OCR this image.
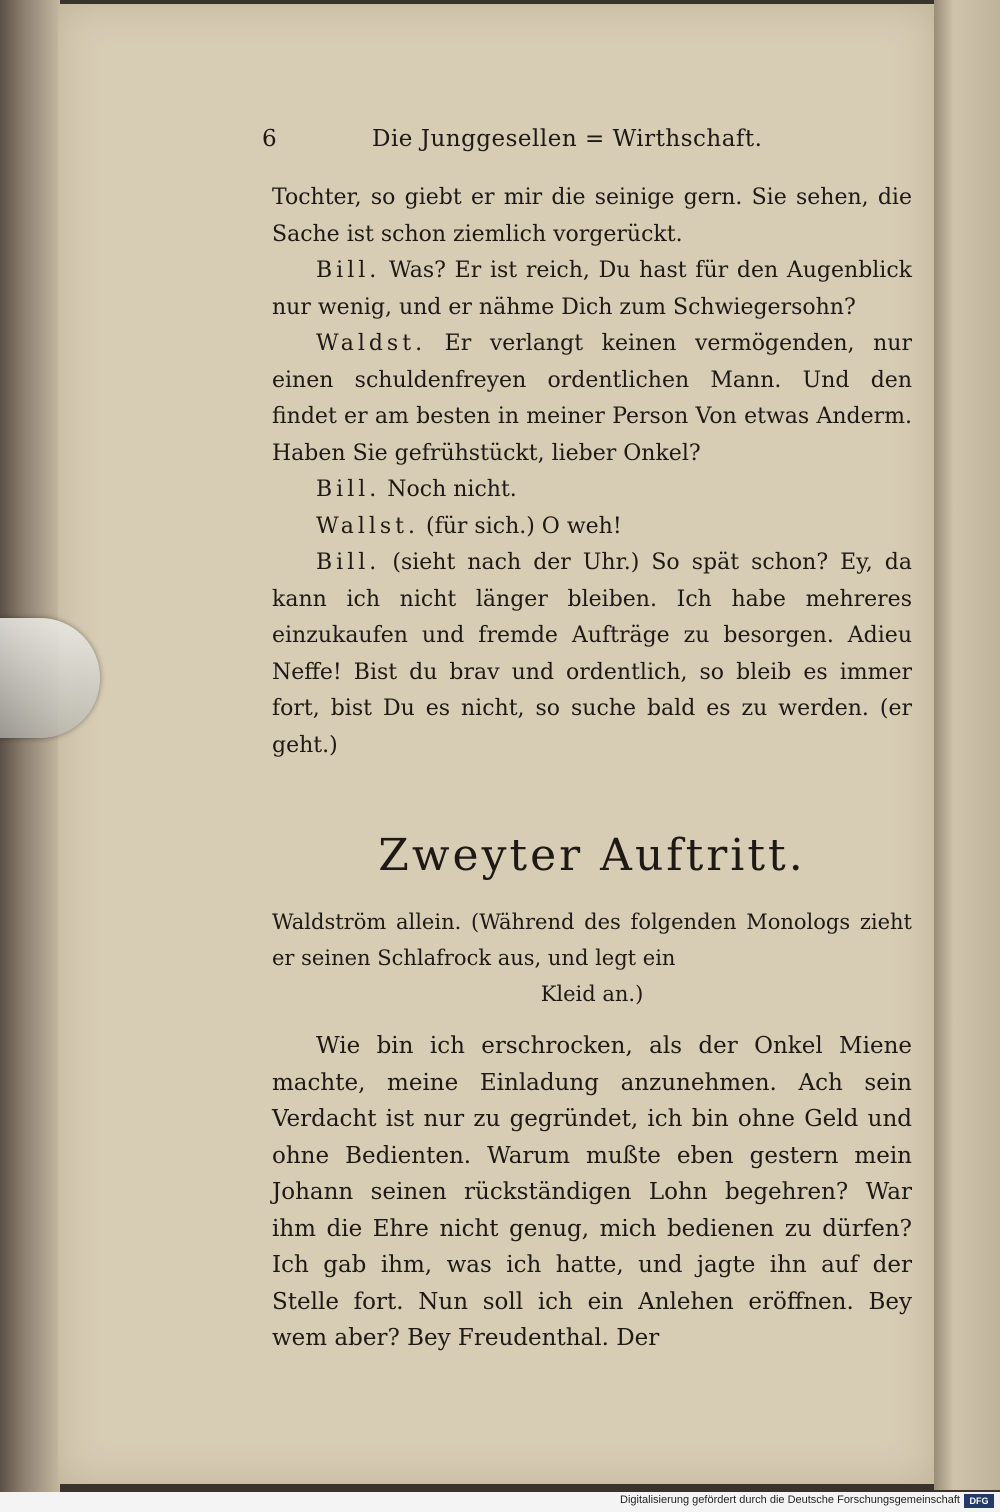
6	Die Junggesellen = Wirthschaft.

Tochter, so giebt er mir die seinige gern. Sie sehen, die Sache ist schon ziemlich vorgerückt.

Bill. Was? Er ist reich, Du hast für den Augenblick nur wenig, und er nähme Dich zum Schwiegersohn?

Waldst. Er verlangt keinen vermögenden, nur einen schuldenfreyen ordentlichen Mann. Und den findet er am besten in meiner Person Von etwas Anderm. Haben Sie gefrühstückt, lieber Onkel?

Bill. Noch nicht.

Wallst. (für sich.) O weh!

Bill. (sieht nach der Uhr.) So spät schon? Ey, da kann ich nicht länger bleiben. Ich habe mehreres einzukaufen und fremde Aufträge zu besorgen. Adieu Neffe! Bist du brav und ordentlich, so bleib es immer fort, bist Du es nicht, so suche bald es zu werden. (er geht.)

Zweyter Auftritt.
Waldström allein. (Während des folgenden Monologs zieht er seinen Schlafrock aus, und legt ein
Kleid an.)
Wie bin ich erschrocken, als der Onkel Miene machte, meine Einladung anzunehmen. Ach sein Verdacht ist nur zu gegründet, ich bin ohne Geld und ohne Bedienten. Warum mußte eben gestern mein Johann seinen rückständigen Lohn begehren? War ihm die Ehre nicht genug, mich bedienen zu dürfen? Ich gab ihm, was ich hatte, und jagte ihn auf der Stelle fort. Nun soll ich ein Anlehen eröffnen. Bey wem aber? Bey Freudenthal. Der
Digitalisierung gefördert durch die Deutsche Forschungsgemeinschaft	DFG
